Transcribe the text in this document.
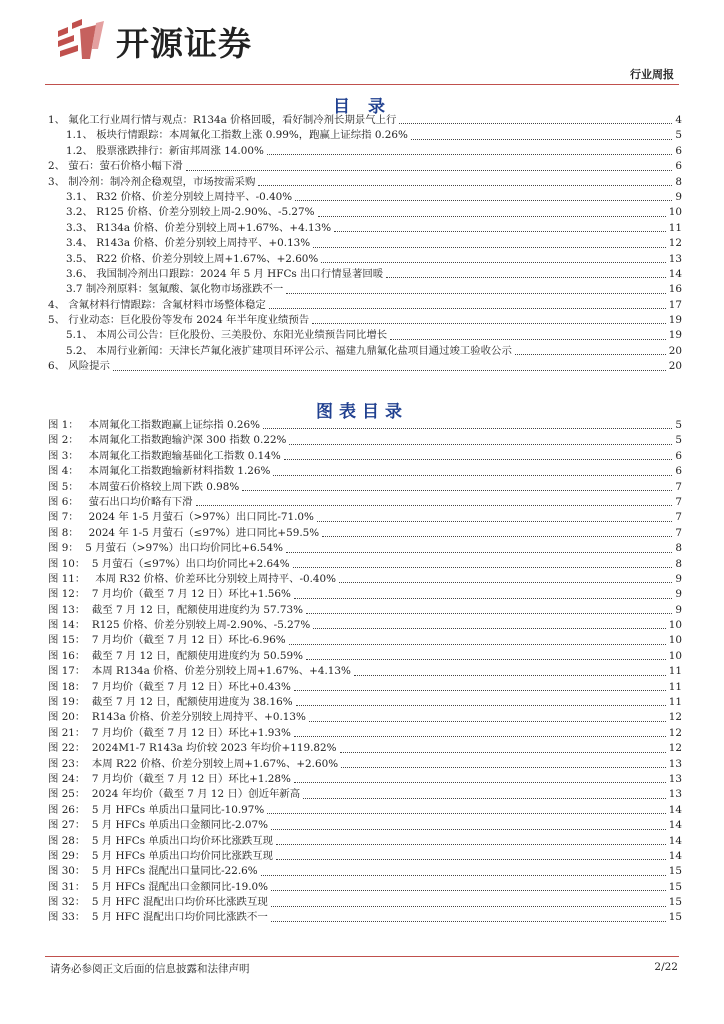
开源证券
行业周报
目 录
1、 氟化工行业周行情与观点：R134a 价格回暖，看好制冷剂长期景气上行	4
1.1、 板块行情跟踪：本周氟化工指数上涨 0.99%，跑赢上证综指 0.26%	5
1.2、 股票涨跌排行：新宙邦周涨 14.00%	6
2、 萤石：萤石价格小幅下滑	6
3、 制冷剂：制冷剂企稳观望，市场按需采购	8
3.1、 R32 价格、价差分别较上周持平、-0.40%	9
3.2、 R125 价格、价差分别较上周-2.90%、-5.27%	10
3.3、 R134a 价格、价差分别较上周+1.67%、+4.13%	11
3.4、 R143a 价格、价差分别较上周持平、+0.13%	12
3.5、 R22 价格、价差分别较上周+1.67%、+2.60%	13
3.6、 我国制冷剂出口跟踪：2024 年 5 月 HFCs 出口行情显著回暖	14
3.7 制冷剂原料：氢氟酸、氯化物市场涨跌不一	16
4、 含氟材料行情跟踪：含氟材料市场整体稳定	17
5、 行业动态：巨化股份等发布 2024 年半年度业绩预告	19
5.1、 本周公司公告：巨化股份、三美股份、东阳光业绩预告同比增长	19
5.2、 本周行业新闻：天津长芦氟化液扩建项目环评公示、福建九鼎氟化盐项目通过竣工验收公示	20
6、 风险提示	20
图表目录
图 1：   本周氟化工指数跑赢上证综指 0.26%	5
图 2：   本周氟化工指数跑输沪深 300 指数 0.22%	5
图 3：   本周氟化工指数跑输基础化工指数 0.14%	6
图 4：   本周氟化工指数跑输新材料指数 1.26%	6
图 5：   本周萤石价格较上周下跌 0.98%	7
图 6：   萤石出口均价略有下滑	7
图 7：   2024 年 1-5 月萤石（>97%）出口同比-71.0%	7
图 8：   2024 年 1-5 月萤石（≤97%）进口同比+59.5%	7
图 9：  5 月萤石（>97%）出口均价同比+6.54%	8
图 10：  5 月萤石（≤97%）出口均价同比+2.64%	8
图 11：   本周 R32 价格、价差环比分别较上周持平、-0.40%	9
图 12：  7 月均价（截至 7 月 12 日）环比+1.56%	9
图 13：  截至 7 月 12 日，配额使用进度约为 57.73%	9
图 14：  R125 价格、价差分别较上周-2.90%、-5.27%	10
图 15：  7 月均价（截至 7 月 12 日）环比-6.96%	10
图 16：  截至 7 月 12 日，配额使用进度约为 50.59%	10
图 17：  本周 R134a 价格、价差分别较上周+1.67%、+4.13%	11
图 18：  7 月均价（截至 7 月 12 日）环比+0.43%	11
图 19：  截至 7 月 12 日，配额使用进度为 38.16%	11
图 20：  R143a 价格、价差分别较上周持平、+0.13%	12
图 21：  7 月均价（截至 7 月 12 日）环比+1.93%	12
图 22：  2024M1-7 R143a 均价较 2023 年均价+119.82%	12
图 23：  本周 R22 价格、价差分别较上周+1.67%、+2.60%	13
图 24：  7 月均价（截至 7 月 12 日）环比+1.28%	13
图 25：  2024 年均价（截至 7 月 12 日）创近年新高	13
图 26：  5 月 HFCs 单质出口量同比-10.97%	14
图 27：  5 月 HFCs 单质出口金额同比-2.07%	14
图 28：  5 月 HFCs 单质出口均价环比涨跌互现	14
图 29：  5 月 HFCs 单质出口均价同比涨跌互现	14
图 30：  5 月 HFCs 混配出口量同比-22.6%	15
图 31：  5 月 HFCs 混配出口金额同比-19.0%	15
图 32：  5 月 HFC 混配出口均价环比涨跌互现	15
图 33：  5 月 HFC 混配出口均价同比涨跌不一	15
请务必参阅正文后面的信息披露和法律声明	2/22
